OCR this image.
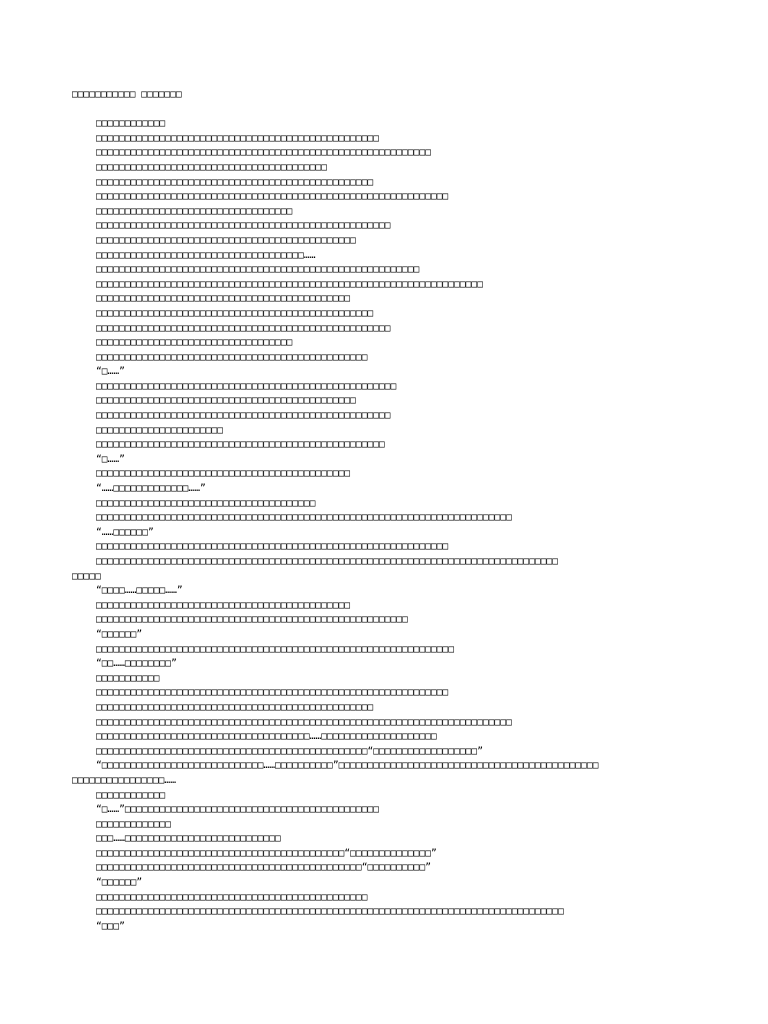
□□□□□□□□□□□ □□□□□□□
□□□□□□□□□□□□
□□□□□□□□□□□□□□□□□□□□□□□□□□□□□□□□□□□□□□□□□□□□□□□□□
□□□□□□□□□□□□□□□□□□□□□□□□□□□□□□□□□□□□□□□□□□□□□□□□□□□□□□□□□□
□□□□□□□□□□□□□□□□□□□□□□□□□□□□□□□□□□□□□□□□
□□□□□□□□□□□□□□□□□□□□□□□□□□□□□□□□□□□□□□□□□□□□□□□□
□□□□□□□□□□□□□□□□□□□□□□□□□□□□□□□□□□□□□□□□□□□□□□□□□□□□□□□□□□□□□
□□□□□□□□□□□□□□□□□□□□□□□□□□□□□□□□□□
□□□□□□□□□□□□□□□□□□□□□□□□□□□□□□□□□□□□□□□□□□□□□□□□□□□
□□□□□□□□□□□□□□□□□□□□□□□□□□□□□□□□□□□□□□□□□□□□□
□□□□□□□□□□□□□□□□□□□□□□□□□□□□□□□□□□□□……
□□□□□□□□□□□□□□□□□□□□□□□□□□□□□□□□□□□□□□□□□□□□□□□□□□□□□□□□
□□□□□□□□□□□□□□□□□□□□□□□□□□□□□□□□□□□□□□□□□□□□□□□□□□□□□□□□□□□□□□□□□□□
□□□□□□□□□□□□□□□□□□□□□□□□□□□□□□□□□□□□□□□□□□□□
□□□□□□□□□□□□□□□□□□□□□□□□□□□□□□□□□□□□□□□□□□□□□□□□
□□□□□□□□□□□□□□□□□□□□□□□□□□□□□□□□□□□□□□□□□□□□□□□□□□□
□□□□□□□□□□□□□□□□□□□□□□□□□□□□□□□□□□
□□□□□□□□□□□□□□□□□□□□□□□□□□□□□□□□□□□□□□□□□□□□□□□
“□……”
□□□□□□□□□□□□□□□□□□□□□□□□□□□□□□□□□□□□□□□□□□□□□□□□□□□□
□□□□□□□□□□□□□□□□□□□□□□□□□□□□□□□□□□□□□□□□□□□□□
□□□□□□□□□□□□□□□□□□□□□□□□□□□□□□□□□□□□□□□□□□□□□□□□□□□
□□□□□□□□□□□□□□□□□□□□□□
□□□□□□□□□□□□□□□□□□□□□□□□□□□□□□□□□□□□□□□□□□□□□□□□□□
“□……”
□□□□□□□□□□□□□□□□□□□□□□□□□□□□□□□□□□□□□□□□□□□□
“……□□□□□□□□□□□□□……”
□□□□□□□□□□□□□□□□□□□□□□□□□□□□□□□□□□□□□□
□□□□□□□□□□□□□□□□□□□□□□□□□□□□□□□□□□□□□□□□□□□□□□□□□□□□□□□□□□□□□□□□□□□□□□□□
“……□□□□□□”
□□□□□□□□□□□□□□□□□□□□□□□□□□□□□□□□□□□□□□□□□□□□□□□□□□□□□□□□□□□□□
□□□□□□□□□□□□□□□□□□□□□□□□□□□□□□□□□□□□□□□□□□□□□□□□□□□□□□□□□□□□□□□□□□□□□□□□□□□□□□□□
□□□□□
“□□□□……□□□□□……”
□□□□□□□□□□□□□□□□□□□□□□□□□□□□□□□□□□□□□□□□□□□□
□□□□□□□□□□□□□□□□□□□□□□□□□□□□□□□□□□□□□□□□□□□□□□□□□□□□□□
“□□□□□□”
□□□□□□□□□□□□□□□□□□□□□□□□□□□□□□□□□□□□□□□□□□□□□□□□□□□□□□□□□□□□□□
“□□……□□□□□□□□”
□□□□□□□□□□□
□□□□□□□□□□□□□□□□□□□□□□□□□□□□□□□□□□□□□□□□□□□□□□□□□□□□□□□□□□□□□
□□□□□□□□□□□□□□□□□□□□□□□□□□□□□□□□□□□□□□□□□□□□□□□□
□□□□□□□□□□□□□□□□□□□□□□□□□□□□□□□□□□□□□□□□□□□□□□□□□□□□□□□□□□□□□□□□□□□□□□□□
□□□□□□□□□□□□□□□□□□□□□□□□□□□□□□□□□□□□□……□□□□□□□□□□□□□□□□□□□□
□□□□□□□□□□□□□□□□□□□□□□□□□□□□□□□□□□□□□□□□□□□□□□□“□□□□□□□□□□□□□□□□□□”
“□□□□□□□□□□□□□□□□□□□□□□□□□□□□……□□□□□□□□□□”□□□□□□□□□□□□□□□□□□□□□□□□□□□□□□□□□□□□□□□□□□□□□
□□□□□□□□□□□□□□□□……
□□□□□□□□□□□□
“□……”□□□□□□□□□□□□□□□□□□□□□□□□□□□□□□□□□□□□□□□□□□□□
□□□□□□□□□□□□□
□□□……□□□□□□□□□□□□□□□□□□□□□□□□□□□
□□□□□□□□□□□□□□□□□□□□□□□□□□□□□□□□□□□□□□□□□□□“□□□□□□□□□□□□□□”
□□□□□□□□□□□□□□□□□□□□□□□□□□□□□□□□□□□□□□□□□□□□□□“□□□□□□□□□□”
“□□□□□□”
□□□□□□□□□□□□□□□□□□□□□□□□□□□□□□□□□□□□□□□□□□□□□□□
□□□□□□□□□□□□□□□□□□□□□□□□□□□□□□□□□□□□□□□□□□□□□□□□□□□□□□□□□□□□□□□□□□□□□□□□□□□□□□□□□
“□□□”
